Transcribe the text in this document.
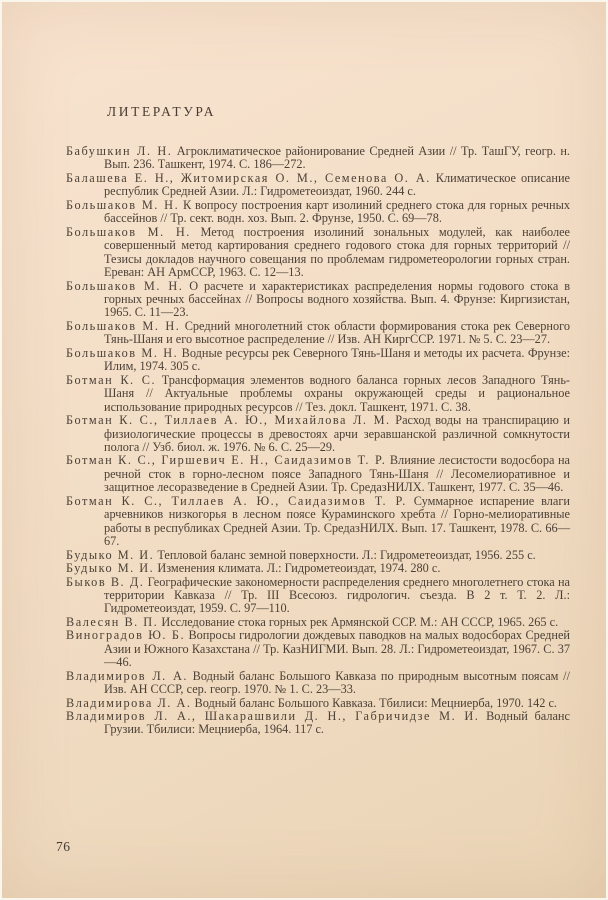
ЛИТЕРАТУРА
Бабушкин Л. Н. Агроклиматическое районирование Средней Азии // Тр. ТашГУ, геогр. н. Вып. 236. Ташкент, 1974. С. 186—272.
Балашева Е. Н., Житомирская О. М., Семенова О. А. Климатическое описание республик Средней Азии. Л.: Гидрометеоиздат, 1960. 244 с.
Большаков М. Н. К вопросу построения карт изолиний среднего стока для горных речных бассейнов // Тр. сект. водн. хоз. Вып. 2. Фрунзе, 1950. С. 69—78.
Большаков М. Н. Метод построения изолиний зональных модулей, как наиболее совершенный метод картирования среднего годового стока для горных территорий // Тезисы докладов научного совещания по проблемам гидрометеорологии горных стран. Ереван: АН АрмССР, 1963. С. 12—13.
Большаков М. Н. О расчете и характеристиках распределения нормы годового стока в горных речных бассейнах // Вопросы водного хозяйства. Вып. 4. Фрунзе: Киргизистан, 1965. С. 11—23.
Большаков М. Н. Средний многолетний сток области формирования стока рек Северного Тянь-Шаня и его высотное распределение // Изв. АН КиргССР. 1971. № 5. С. 23—27.
Большаков М. Н. Водные ресурсы рек Северного Тянь-Шаня и методы их расчета. Фрунзе: Илим, 1974. 305 с.
Ботман К. С. Трансформация элементов водного баланса горных лесов Западного Тянь-Шаня // Актуальные проблемы охраны окружающей среды и рациональное использование природных ресурсов // Тез. докл. Ташкент, 1971. С. 38.
Ботман К. С., Тиллаев А. Ю., Михайлова Л. М. Расход воды на транспирацию и физиологические процессы в древостоях арчи зеравшанской различной сомкнутости полога // Узб. биол. ж. 1976. № 6. С. 25—29.
Ботман К. С., Гиршевич Е. Н., Саидазимов Т. Р. Влияние лесистости водосбора на речной сток в горно-лесном поясе Западного Тянь-Шаня // Лесомелиоративное и защитное лесоразведение в Средней Азии. Тр. СредазНИЛХ. Ташкент, 1977. С. 35—46.
Ботман К. С., Тиллаев А. Ю., Саидазимов Т. Р. Суммарное испарение влаги арчевников низкогорья в лесном поясе Кураминского хребта // Горно-мелиоративные работы в республиках Средней Азии. Тр. СредазНИЛХ. Вып. 17. Ташкент, 1978. С. 66—67.
Будыко М. И. Тепловой баланс земной поверхности. Л.: Гидрометеоиздат, 1956. 255 с.
Будыко М. И. Изменения климата. Л.: Гидрометеоиздат, 1974. 280 с.
Быков В. Д. Географические закономерности распределения среднего многолетнего стока на территории Кавказа // Тр. III Всесоюз. гидрологич. съезда. В 2 т. Т. 2. Л.: Гидрометеоиздат, 1959. С. 97—110.
Валесян В. П. Исследование стока горных рек Армянской ССР. М.: АН СССР, 1965. 265 с.
Виноградов Ю. Б. Вопросы гидрологии дождевых паводков на малых водосборах Средней Азии и Южного Казахстана // Тр. КазНИГМИ. Вып. 28. Л.: Гидрометеоиздат, 1967. С. 37—46.
Владимиров Л. А. Водный баланс Большого Кавказа по природным высотным поясам // Изв. АН СССР, сер. геогр. 1970. № 1. С. 23—33.
Владимирова Л. А. Водный баланс Большого Кавказа. Тбилиси: Мецниерба, 1970. 142 с.
Владимиров Л. А., Шакарашвили Д. Н., Габричидзе М. И. Водный баланс Грузии. Тбилиси: Мецниерба, 1964. 117 с.
76
